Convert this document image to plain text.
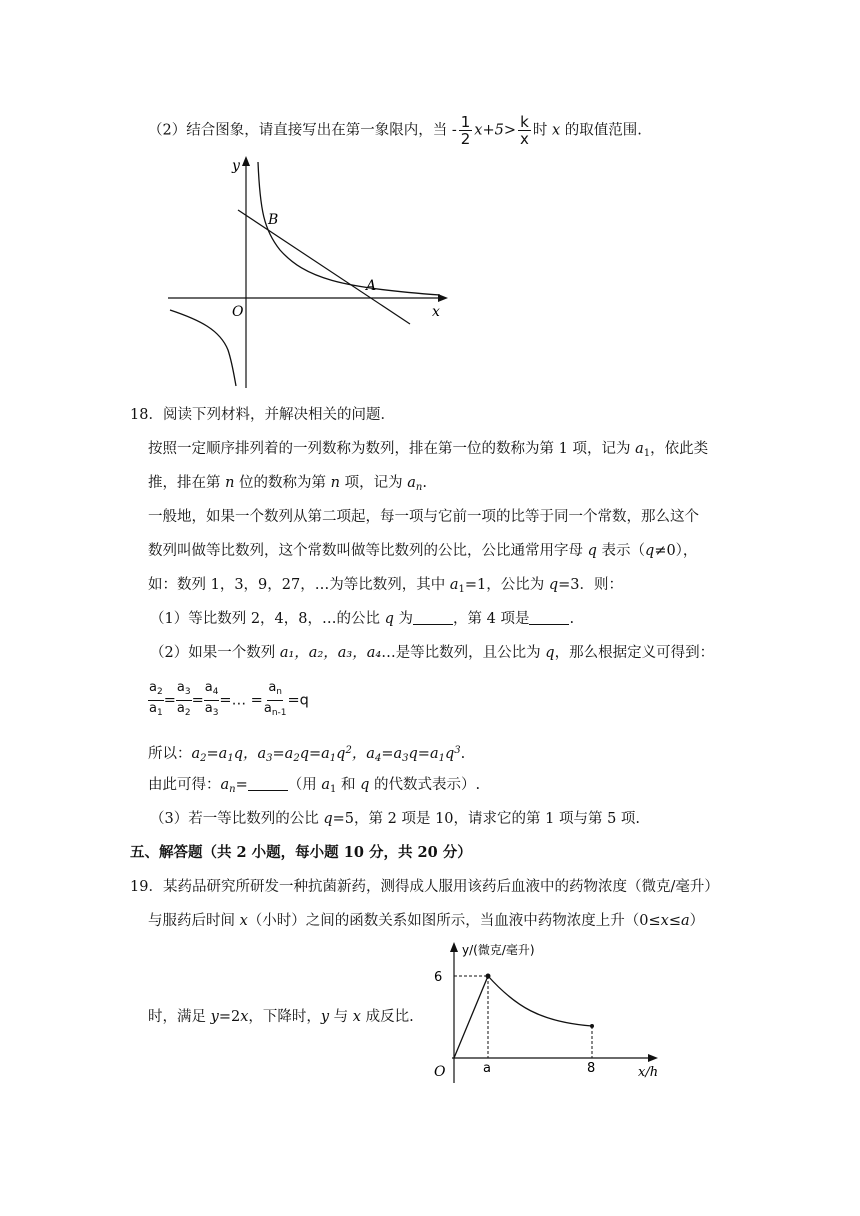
（2）结合图象，请直接写出在第一象限内，当 - $\frac{1}{2} x+5> \frac{k}{x}$ 时 x 的取值范围.
y
B
A
O	x
18．阅读下列材料，并解决相关的问题．
按照一定顺序排列着的一列数称为数列，排在第一位的数称为第 1 项，记为 $a_1$，依此类
推，排在第 n 位的数称为第 n 项，记为 $a_n$.
一般地，如果一个数列从第二项起，每一项与它前一项的比等于同一个常数，那么这个
数列叫做等比数列，这个常数叫做等比数列的公比，公比通常用字母 q 表示（q≠0），
如：数列 1，3，9，27，…为等比数列，其中 $a_1=1$，公比为 q=3．则：
（1）等比数列 2，4，8，…的公比 q 为	，第 4 项是	.
（2）如果一个数列 a₁，a₂，a₃，a₄…是等比数列，且公比为 q，那么根据定义可得到：
$\frac{a_2}{a_1} = \frac{a_3}{a_2} = \frac{a_4}{a_3}$ =… = $\frac{a_n}{a_{n-1}} =q$
所以：$a_2=a_1q$，$a_3=a_2q=a_1q^2$，$a_4=a_3q=a_1q^3$.
由此可得：$a_n=$	（用 $a_1$ 和 q 的代数式表示）.
（3）若一等比数列的公比 q=5，第 2 项是 10，请求它的第 1 项与第 5 项.
五、解答题（共 2 小题，每小题 10 分，共 20 分）
19．某药品研究所研发一种抗菌新药，测得成人服用该药后血液中的药物浓度（微克/毫升）
与服药后时间 x（小时）之间的函数关系如图所示，当血液中药物浓度上升（0≤x≤a）
时，满足 y=2x，下降时，y 与 x 成反比.
y/(微克/毫升)
6
O	a	8	x/h
